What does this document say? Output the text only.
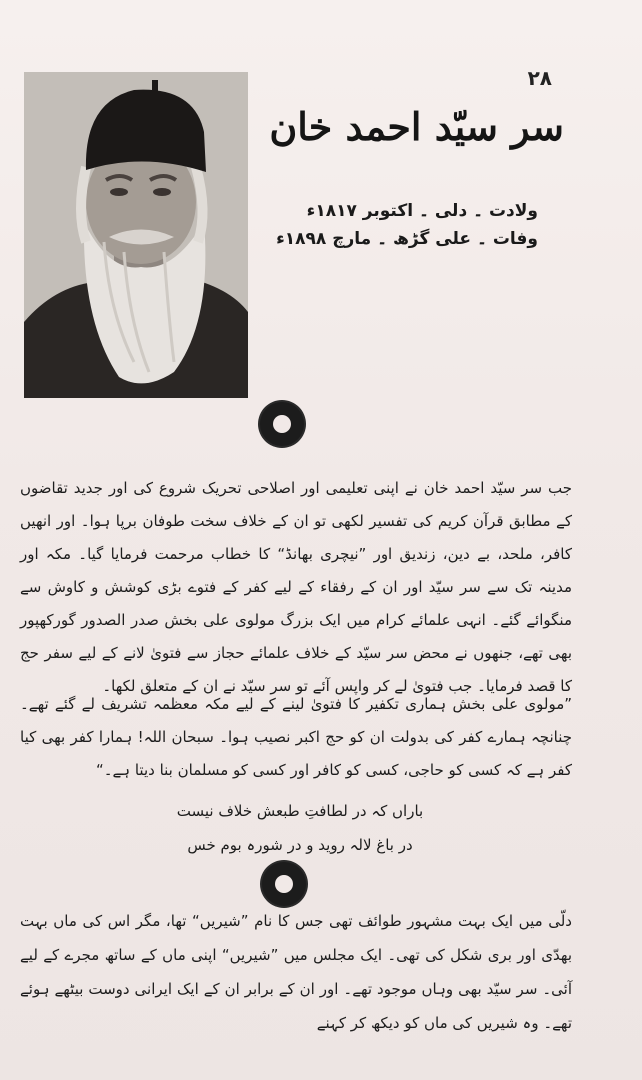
۲۸
سر سیّد احمد خان
ولادت ۔ دلی ۔ اکتوبر ۱۸۱۷ء
وفات ۔ علی گڑھ ۔ مارچ ۱۸۹۸ء
جب سر سیّد احمد خان نے اپنی تعلیمی اور اصلاحی تحریک شروع کی اور جدید تقاضوں کے مطابق قرآن کریم کی تفسیر لکھی تو ان کے خلاف سخت طوفان برپا ہوا۔ اور انھیں کافر، ملحد، بے دین، زندیق اور ”نیچری بھانڈ“ کا خطاب مرحمت فرمایا گیا۔ مکہ اور مدینہ تک سے سر سیّد اور ان کے رفقاء کے لیے کفر کے فتوے بڑی کوشش و کاوش سے منگوائے گئے۔ انہی علمائے کرام میں ایک بزرگ مولوی علی بخش صدر الصدور گورکھپور بھی تھے، جنھوں نے محض سر سیّد کے خلاف علمائے حجاز سے فتویٰ لانے کے لیے سفر حج کا قصد فرمایا۔ جب فتویٰ لے کر واپس آئے تو سر سیّد نے ان کے متعلق لکھا۔
”مولوی علی بخش ہماری تکفیر کا فتویٰ لینے کے لیے مکہ معظمہ تشریف لے گئے تھے۔ چنانچہ ہمارے کفر کی بدولت ان کو حج اکبر نصیب ہوا۔ سبحان اللہ! ہمارا کفر بھی کیا کفر ہے کہ کسی کو حاجی، کسی کو کافر اور کسی کو مسلمان بنا دیتا ہے۔“
باراں کہ در لطافتِ طبعش خلاف نیست
در باغ لالہ روید و در شورہ بوم خس
دلّی میں ایک بہت مشہور طوائف تھی جس کا نام ”شیریں“ تھا، مگر اس کی ماں بہت بھدّی اور بری شکل کی تھی۔ ایک مجلس میں ”شیریں“ اپنی ماں کے ساتھ مجرے کے لیے آئی۔ سر سیّد بھی وہاں موجود تھے۔ اور ان کے برابر ان کے ایک ایرانی دوست بیٹھے ہوئے تھے۔ وہ شیریں کی ماں کو دیکھ کر کہنے
